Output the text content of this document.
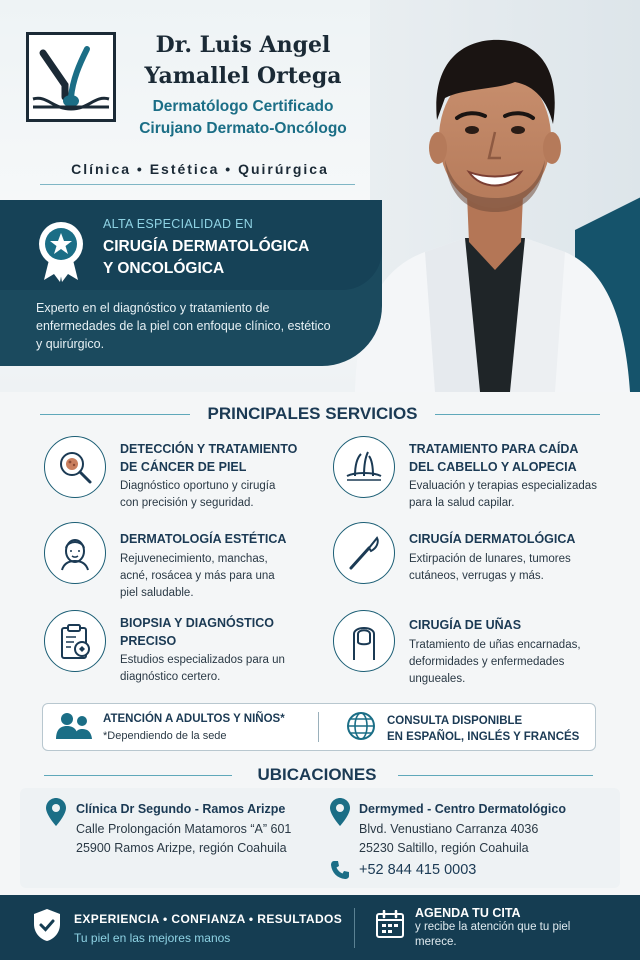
Dr. Luis Angel
Yamallel Ortega
Dermatólogo Certificado
Cirujano Dermato-Oncólogo
Clínica • Estética • Quirúrgica
ALTA ESPECIALIDAD EN
CIRUGÍA DERMATOLÓGICA
Y ONCOLÓGICA
Experto en el diagnóstico y tratamiento de enfermedades de la piel con enfoque clínico, estético y quirúrgico.
PRINCIPALES SERVICIOS
DETECCIÓN Y TRATAMIENTO
DE CÁNCER DE PIEL
Diagnóstico oportuno y cirugía
con precisión y seguridad.
TRATAMIENTO PARA CAÍDA
DEL CABELLO Y ALOPECIA
Evaluación y terapias especializadas
para la salud capilar.
DERMATOLOGÍA ESTÉTICA
Rejuvenecimiento, manchas,
acné, rosácea y más para una
piel saludable.
CIRUGÍA DERMATOLÓGICA
Extirpación de lunares, tumores
cutáneos, verrugas y más.
BIOPSIA Y DIAGNÓSTICO
PRECISO
Estudios especializados para un
diagnóstico certero.
CIRUGÍA DE UÑAS
Tratamiento de uñas encarnadas,
deformidades y enfermedades
ungueales.
ATENCIÓN A ADULTOS Y NIÑOS*
*Dependiendo de la sede
CONSULTA DISPONIBLE
EN ESPAÑOL, INGLÉS Y FRANCÉS
UBICACIONES
Clínica Dr Segundo - Ramos Arizpe
Calle Prolongación Matamoros “A” 601
25900 Ramos Arizpe, región Coahuila
Dermymed - Centro Dermatológico
Blvd. Venustiano Carranza 4036
25230 Saltillo, región Coahuila
+52 844 415 0003
EXPERIENCIA • CONFIANZA • RESULTADOS
Tu piel en las mejores manos
AGENDA TU CITA
y recibe la atención que tu piel merece.
